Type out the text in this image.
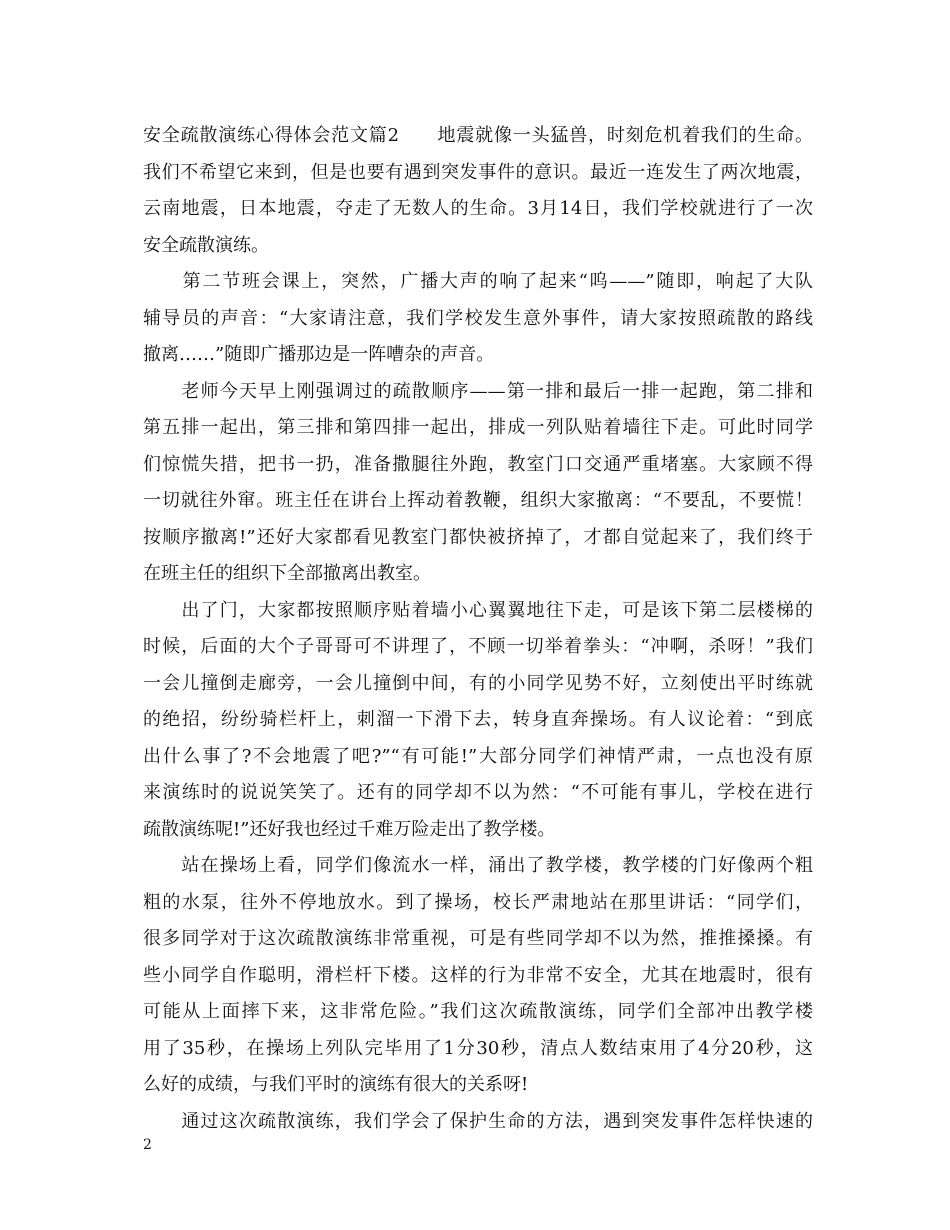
安全疏散演练心得体会范文篇2　　地震就像一头猛兽，时刻危机着我们的生命。
我们不希望它来到，但是也要有遇到突发事件的意识。最近一连发生了两次地震，
云南地震，日本地震，夺走了无数人的生命。3月14日，我们学校就进行了一次
安全疏散演练。
　　第二节班会课上，突然，广播大声的响了起来“呜——”随即，响起了大队
辅导员的声音：“大家请注意，我们学校发生意外事件，请大家按照疏散的路线
撤离……”随即广播那边是一阵嘈杂的声音。
　　老师今天早上刚强调过的疏散顺序——第一排和最后一排一起跑，第二排和
第五排一起出，第三排和第四排一起出，排成一列队贴着墙往下走。可此时同学
们惊慌失措，把书一扔，准备撒腿往外跑，教室门口交通严重堵塞。大家顾不得
一切就往外窜。班主任在讲台上挥动着教鞭，组织大家撤离：“不要乱，不要慌！
按顺序撤离!”还好大家都看见教室门都快被挤掉了，才都自觉起来了，我们终于
在班主任的组织下全部撤离出教室。
　　出了门，大家都按照顺序贴着墙小心翼翼地往下走，可是该下第二层楼梯的
时候，后面的大个子哥哥可不讲理了，不顾一切举着拳头：“冲啊，杀呀！”我们
一会儿撞倒走廊旁，一会儿撞倒中间，有的小同学见势不好，立刻使出平时练就
的绝招，纷纷骑栏杆上，刺溜一下滑下去，转身直奔操场。有人议论着：“到底
出什么事了?不会地震了吧?”“有可能!”大部分同学们神情严肃，一点也没有原
来演练时的说说笑笑了。还有的同学却不以为然：“不可能有事儿，学校在进行
疏散演练呢!”还好我也经过千难万险走出了教学楼。
　　站在操场上看，同学们像流水一样，涌出了教学楼，教学楼的门好像两个粗
粗的水泵，往外不停地放水。到了操场，校长严肃地站在那里讲话：“同学们，
很多同学对于这次疏散演练非常重视，可是有些同学却不以为然，推推搡搡。有
些小同学自作聪明，滑栏杆下楼。这样的行为非常不安全，尤其在地震时，很有
可能从上面摔下来，这非常危险。”我们这次疏散演练，同学们全部冲出教学楼
用了35秒，在操场上列队完毕用了1分30秒，清点人数结束用了4分20秒，这
么好的成绩，与我们平时的演练有很大的关系呀!
　　通过这次疏散演练，我们学会了保护生命的方法，遇到突发事件怎样快速的
2
